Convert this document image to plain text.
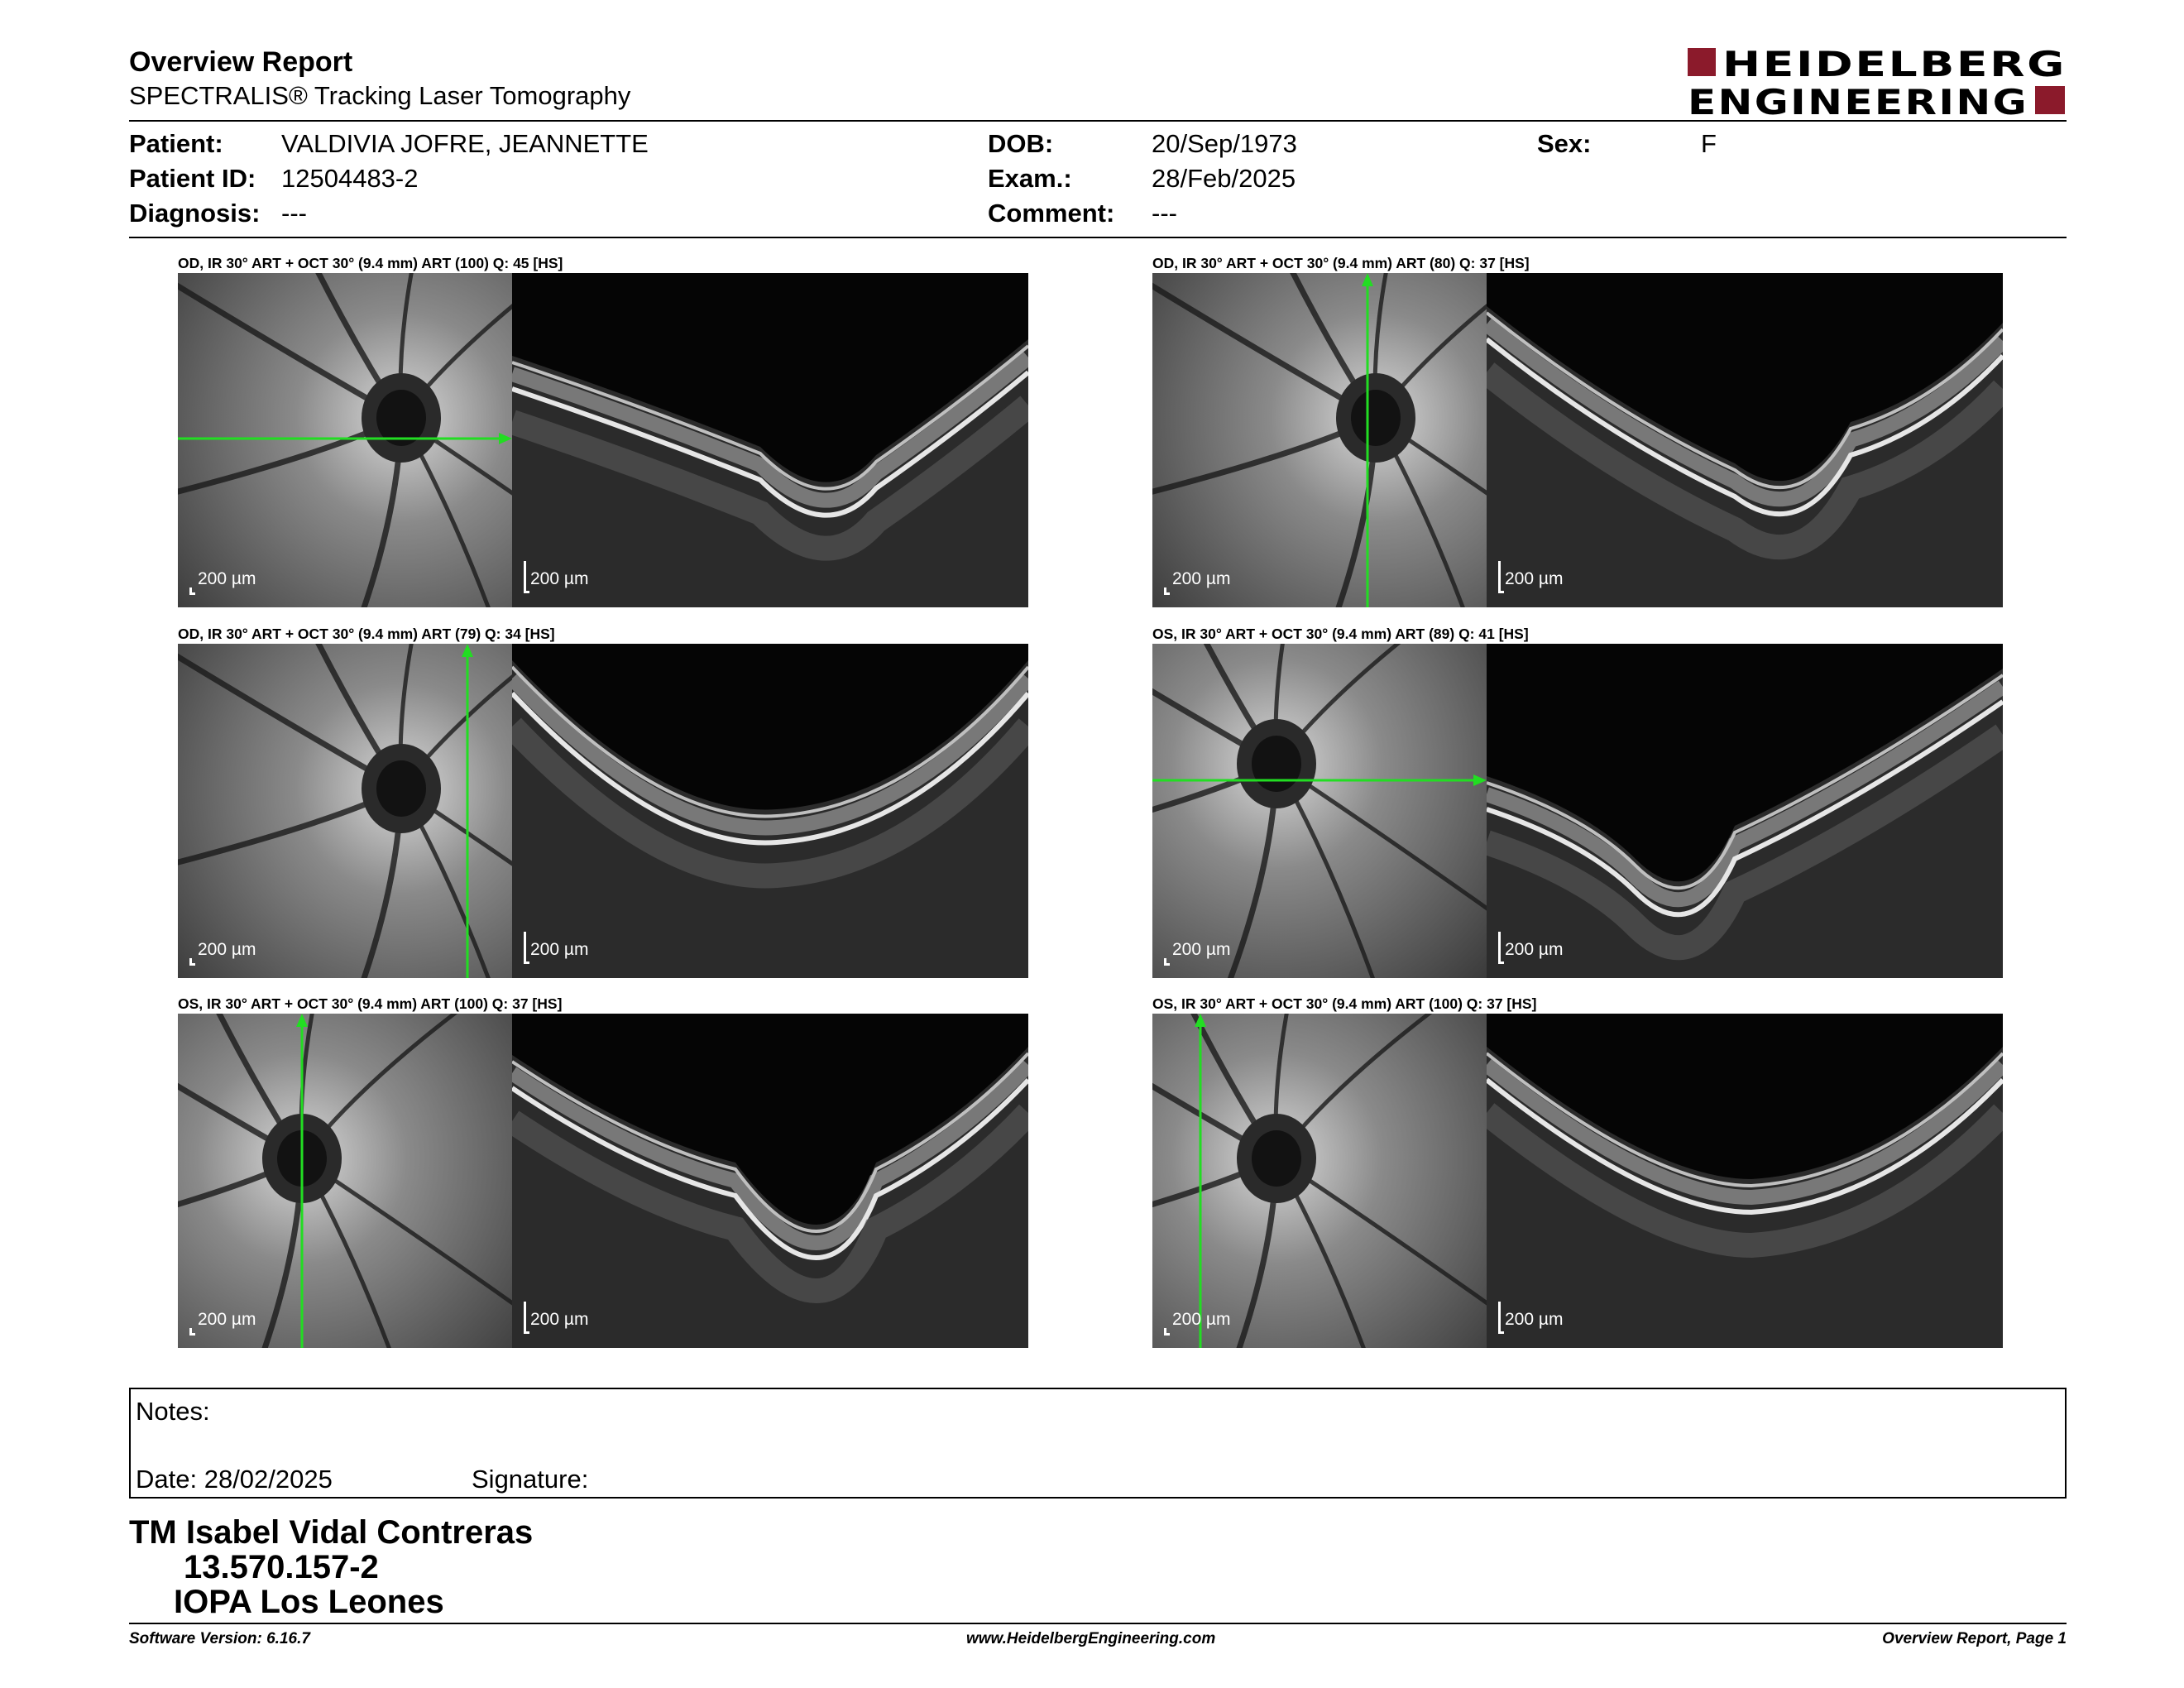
Overview Report
SPECTRALIS® Tracking Laser Tomography
HEIDELBERG
ENGINEERING
Patient: VALDIVIA JOFRE, JEANNETTE
Patient ID: 12504483-2
Diagnosis: ---
DOB:	20/Sep/1973
Exam.:	28/Feb/2025
Comment: ---
Sex:	F
OD, IR 30° ART + OCT 30° (9.4 mm) ART (100) Q: 45 [HS]
200 µm	200 µm
OD, IR 30° ART + OCT 30° (9.4 mm) ART (80) Q: 37 [HS]
200 µm	200 µm
OD, IR 30° ART + OCT 30° (9.4 mm) ART (79) Q: 34 [HS]
200 µm	200 µm
OS, IR 30° ART + OCT 30° (9.4 mm) ART (89) Q: 41 [HS]
200 µm	200 µm
OS, IR 30° ART + OCT 30° (9.4 mm) ART (100) Q: 37 [HS]
200 µm	200 µm
OS, IR 30° ART + OCT 30° (9.4 mm) ART (100) Q: 37 [HS]
200 µm	200 µm
Notes:
Date: 28/02/2025	Signature:
TM Isabel Vidal Contreras
13.570.157-2
IOPA Los Leones
Software Version: 6.16.7	www.HeidelbergEngineering.com	Overview Report, Page 1
